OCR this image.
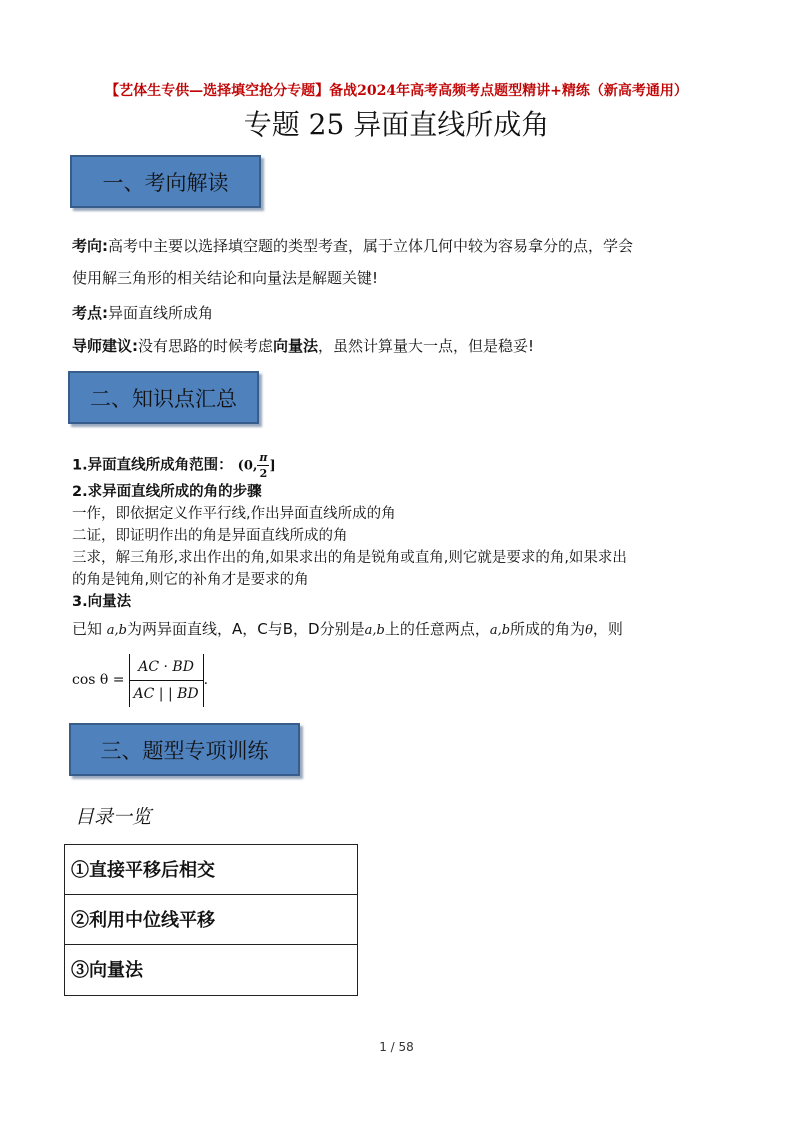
【艺体生专供—选择填空抢分专题】备战2024年高考高频考点题型精讲+精练（新高考通用）
专题 25 异面直线所成角
一、考向解读
考向:高考中主要以选择填空题的类型考查，属于立体几何中较为容易拿分的点，学会
使用解三角形的相关结论和向量法是解题关键!
考点:异面直线所成角
导师建议:没有思路的时候考虑向量法，虽然计算量大一点，但是稳妥!
二、知识点汇总
1.异面直线所成角范围： (0, $\frac{\pi}{2}$ ]
2.求异面直线所成的角的步骤
一作，即依据定义作平行线,作出异面直线所成的角
二证，即证明作出的角是异面直线所成的角
三求，解三角形,求出作出的角,如果求出的角是锐角或直角,则它就是要求的角,如果求出
的角是钝角,则它的补角才是要求的角
3.向量法
已知 a,b为两异面直线，A，C与B，D分别是a,b上的任意两点，a,b所成的角为θ，则
$\cos \theta = \frac{AC \cdot BD}{AC | | BD}$ .
三、题型专项训练
目录一览
①直接平移后相交
②利用中位线平移
③向量法
1 / 58
